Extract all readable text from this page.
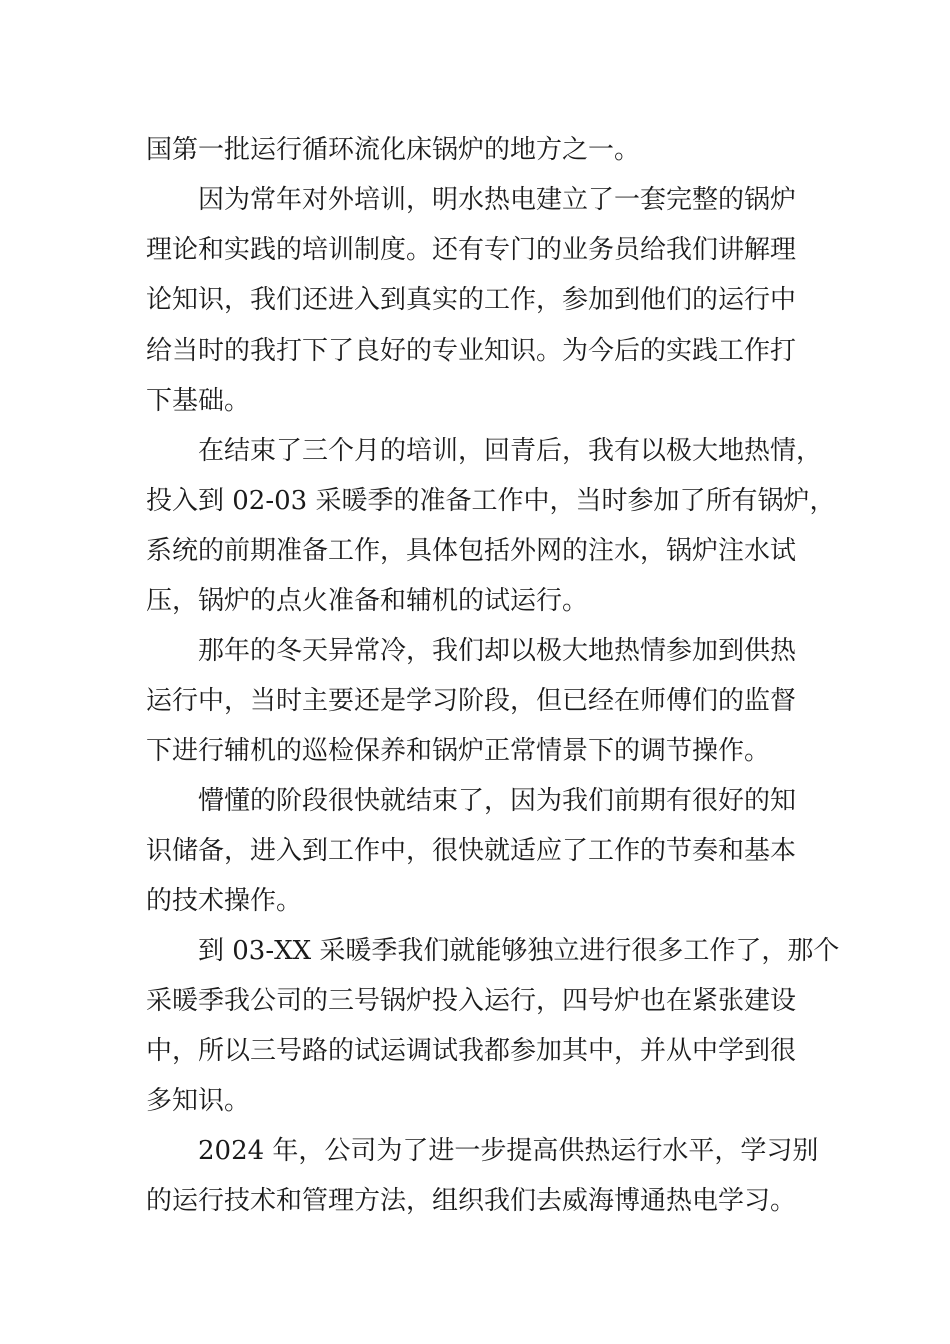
国第一批运行循环流化床锅炉的地方之一。
因为常年对外培训，明水热电建立了一套完整的锅炉
理论和实践的培训制度。还有专门的业务员给我们讲解理
论知识，我们还进入到真实的工作，参加到他们的运行中
给当时的我打下了良好的专业知识。为今后的实践工作打
下基础。
在结束了三个月的培训，回青后，我有以极大地热情，
投入到 02-03 采暖季的准备工作中，当时参加了所有锅炉，
系统的前期准备工作，具体包括外网的注水，锅炉注水试
压，锅炉的点火准备和辅机的试运行。
那年的冬天异常冷，我们却以极大地热情参加到供热
运行中，当时主要还是学习阶段，但已经在师傅们的监督
下进行辅机的巡检保养和锅炉正常情景下的调节操作。
懵懂的阶段很快就结束了，因为我们前期有很好的知
识储备，进入到工作中，很快就适应了工作的节奏和基本
的技术操作。
到 03-XX 采暖季我们就能够独立进行很多工作了，那个
采暖季我公司的三号锅炉投入运行，四号炉也在紧张建设
中，所以三号路的试运调试我都参加其中，并从中学到很
多知识。
2024 年，公司为了进一步提高供热运行水平，学习别
的运行技术和管理方法，组织我们去威海博通热电学习。
